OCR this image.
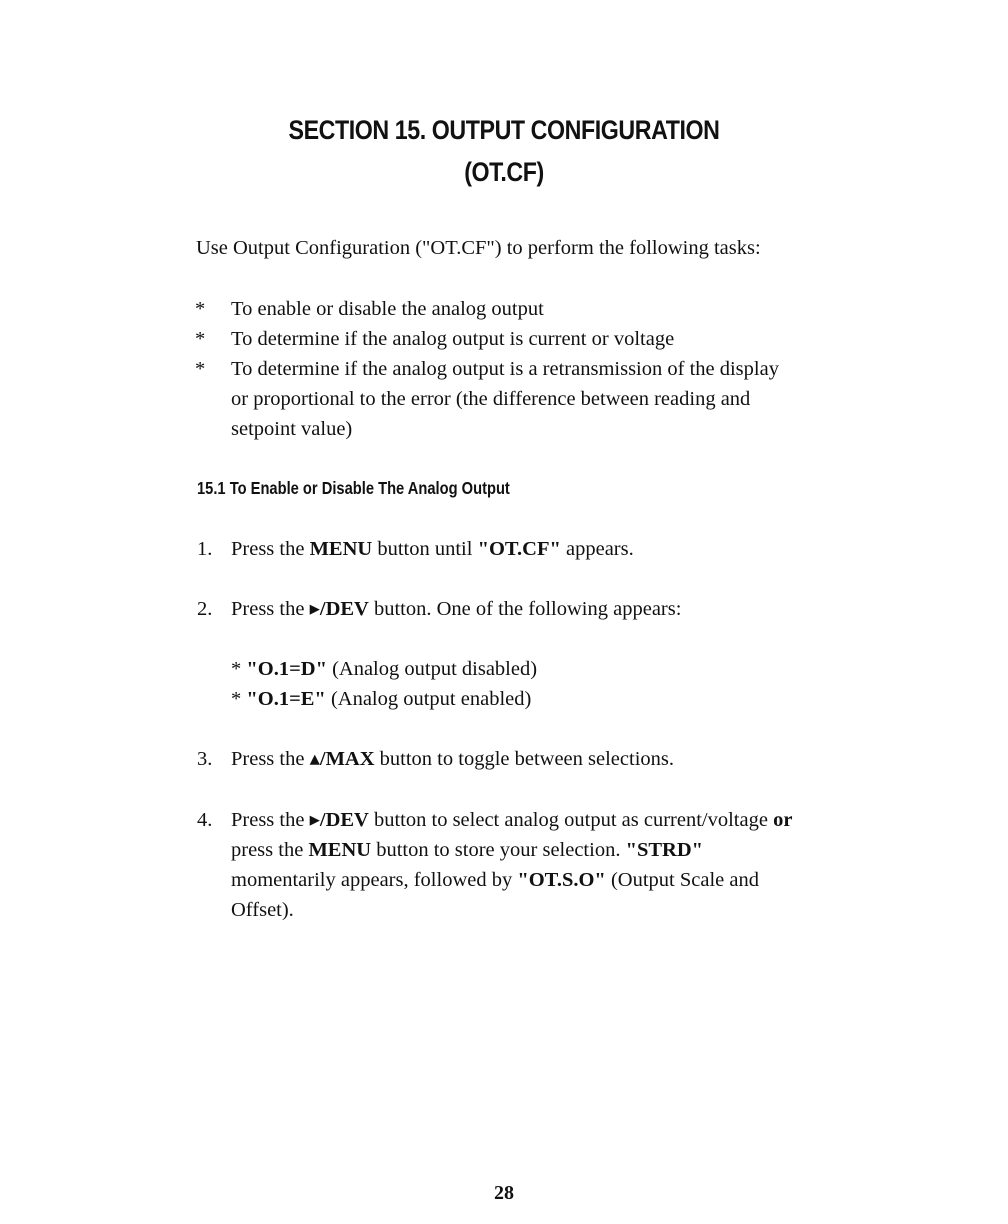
SECTION 15. OUTPUT CONFIGURATION
(OT.CF)
Use Output Configuration ("OT.CF") to perform the following tasks:
* To enable or disable the analog output
* To determine if the analog output is current or voltage
* To determine if the analog output is a retransmission of the display
or proportional to the error (the difference between reading and
setpoint value)
15.1 To Enable or Disable The Analog Output
1. Press the MENU button until "OT.CF" appears.
2. Press the ▸/DEV button. One of the following appears:
* "O.1=D" (Analog output disabled)
* "O.1=E" (Analog output enabled)
3. Press the ▴/MAX button to toggle between selections.
4. Press the ▸/DEV button to select analog output as current/voltage or
press the MENU button to store your selection. "STRD"
momentarily appears, followed by "OT.S.O" (Output Scale and
Offset).
28
